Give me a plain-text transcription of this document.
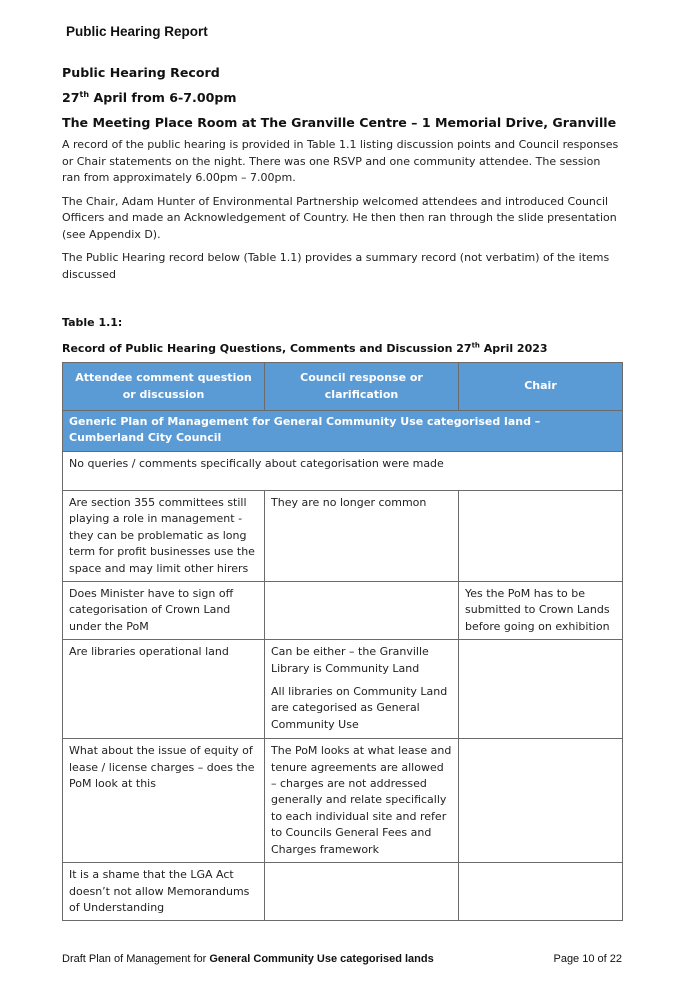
Public Hearing Report
Public Hearing Record
27th April from 6-7.00pm
The Meeting Place Room at The Granville Centre – 1 Memorial Drive, Granville
A record of the public hearing is provided in Table 1.1 listing discussion points and Council responses or Chair statements on the night. There was one RSVP and one community attendee. The session ran from approximately 6.00pm – 7.00pm.
The Chair, Adam Hunter of Environmental Partnership welcomed attendees and introduced Council Officers and made an Acknowledgement of Country. He then then ran through the slide presentation (see Appendix D).
The Public Hearing record below (Table 1.1) provides a summary record (not verbatim) of the items discussed
Table 1.1:
Record of Public Hearing Questions, Comments and Discussion 27th April 2023
Attendee comment question or discussion	Council response or clarification	Chair
Generic Plan of Management for General Community Use categorised land – Cumberland City Council		
No queries / comments specifically about categorisation were made		
Are section 355 committees still playing a role in management - they can be problematic as long term for profit businesses use the space and may limit other hirers	They are no longer common	
Does Minister have to sign off categorisation of Crown Land under the PoM		Yes the PoM has to be submitted to Crown Lands before going on exhibition
Are libraries operational land	Can be either – the Granville Library is Community Land
All libraries on Community Land are categorised as General Community Use	

What about the issue of equity of lease / license charges – does the PoM look at this	The PoM looks at what lease and tenure agreements are allowed – charges are not addressed generally and relate specifically to each individual site and refer to Councils General Fees and Charges framework	
It is a shame that the LGA Act doesn’t not allow Memorandums of Understanding		
Draft Plan of Management for General Community Use categorised lands	Page 10 of 22
